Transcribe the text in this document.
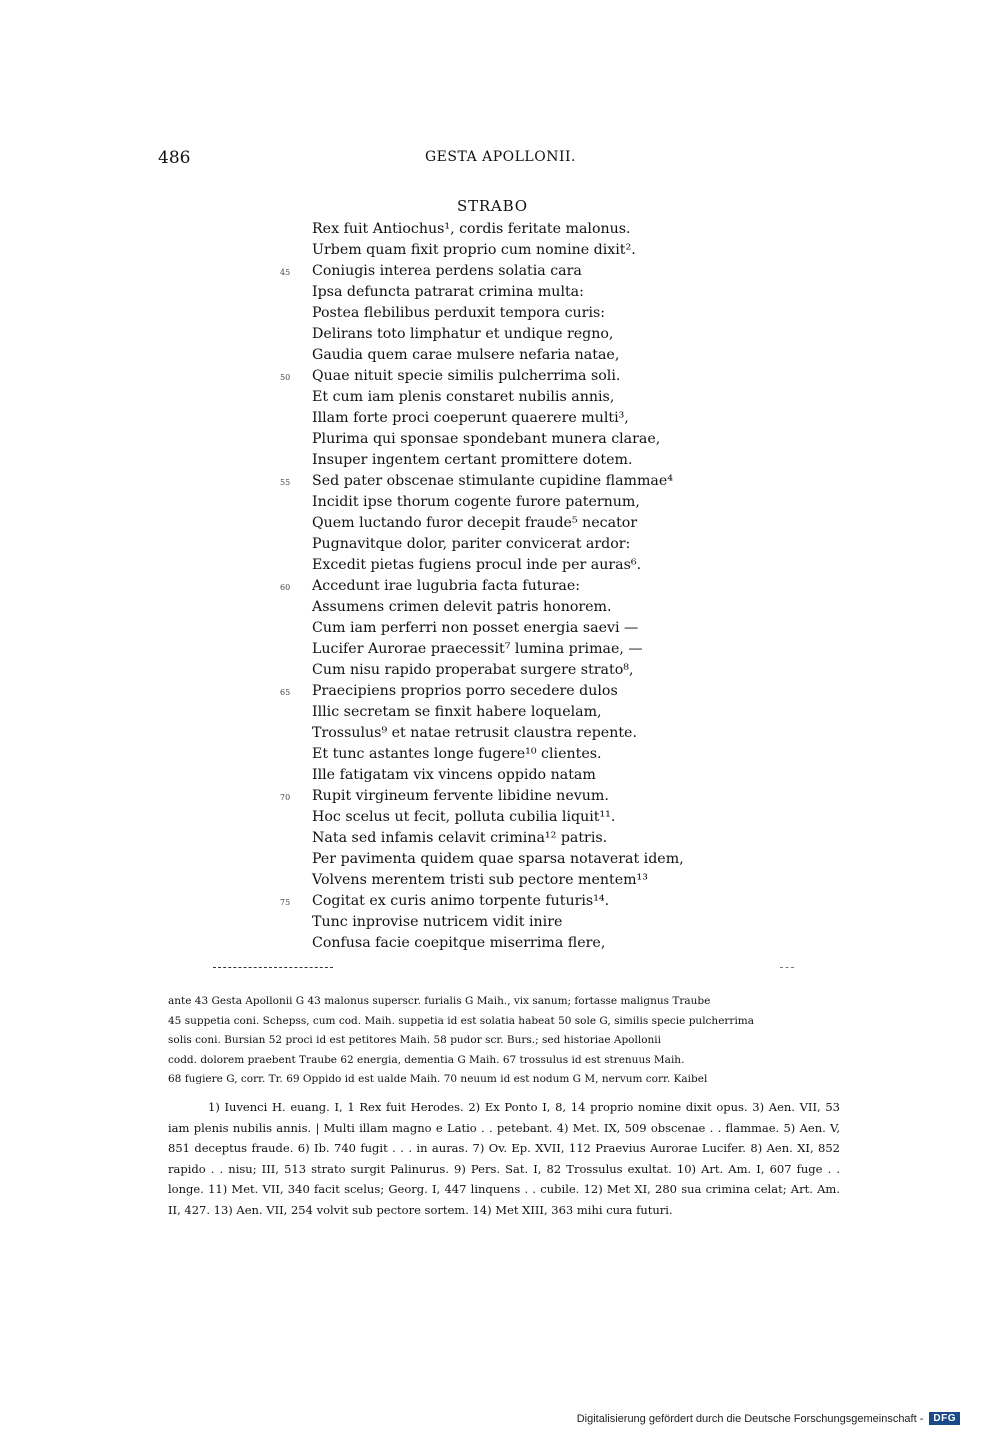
486	GESTA APOLLONII.
STRABO
Rex fuit Antiochus¹, cordis feritate malonus.
Urbem quam fixit proprio cum nomine dixit².
45 Coniugis interea perdens solatia cara
Ipsa defuncta patrarat crimina multa:
Postea flebilibus perduxit tempora curis:
Delirans toto limphatur et undique regno,
Gaudia quem carae mulsere nefaria natae,
50 Quae nituit specie similis pulcherrima soli.
Et cum iam plenis constaret nubilis annis,
Illam forte proci coeperunt quaerere multi³,
Plurima qui sponsae spondebant munera clarae,
Insuper ingentem certant promittere dotem.
55 Sed pater obscenae stimulante cupidine flammae⁴
Incidit ipse thorum cogente furore paternum,
Quem luctando furor decepit fraude⁵ necator
Pugnavitque dolor, pariter convicerat ardor:
Excedit pietas fugiens procul inde per auras⁶.
60 Accedunt irae lugubria facta futurae:
Assumens crimen delevit patris honorem.
Cum iam perferri non posset energia saevi —
Lucifer Aurorae praecessit⁷ lumina primae, —
Cum nisu rapido properabat surgere strato⁸,
65 Praecipiens proprios porro secedere dulos
Illic secretam se finxit habere loquelam,
Trossulus⁹ et natae retrusit claustra repente.
Et tunc astantes longe fugere¹⁰ clientes.
Ille fatigatam vix vincens oppido natam
70 Rupit virgineum fervente libidine nevum.
Hoc scelus ut fecit, polluta cubilia liquit¹¹.
Nata sed infamis celavit crimina¹² patris.
Per pavimenta quidem quae sparsa notaverat idem,
Volvens merentem tristi sub pectore mentem¹³
75 Cogitat ex curis animo torpente futuris¹⁴.
Tunc inprovise nutricem vidit inire
Confusa facie coepitque miserrima flere,

ante 43 Gesta Apollonii G 43 malonus superscr. furialis G Maih., vix sanum; fortasse malignus Traube

45 suppetia coni. Schepss, cum cod. Maih. suppetia id est solatia habeat 50 sole G, similis specie pulcherrima

solis coni. Bursian 52 proci id est petitores Maih. 58 pudor scr. Burs.; sed historiae Apollonii

codd. dolorem praebent Traube 62 energia, dementia G Maih. 67 trossulus id est strenuus Maih.

68 fugiere G, corr. Tr. 69 Oppido id est ualde Maih. 70 neuum id est nodum G M, nervum corr. Kaibel

1) Iuvenci H. euang. I, 1 Rex fuit Herodes. 2) Ex Ponto I, 8, 14 proprio nomine dixit opus. 3) Aen. VII, 53 iam plenis nubilis annis. | Multi illam magno e Latio . . petebant. 4) Met. IX, 509 obscenae . . flammae. 5) Aen. V, 851 deceptus fraude. 6) Ib. 740 fugit . . . in auras. 7) Ov. Ep. XVII, 112 Praevius Aurorae Lucifer. 8) Aen. XI, 852 rapido . . nisu; III, 513 strato surgit Palinurus. 9) Pers. Sat. I, 82 Trossulus exultat. 10) Art. Am. I, 607 fuge . . longe. 11) Met. VII, 340 facit scelus; Georg. I, 447 linquens . . cubile. 12) Met XI, 280 sua crimina celat; Art. Am. II, 427. 13) Aen. VII, 254 volvit sub pectore sortem. 14) Met XIII, 363 mihi cura futuri.

Digitalisierung gefördert durch die Deutsche Forschungsgemeinschaft -	DFG
